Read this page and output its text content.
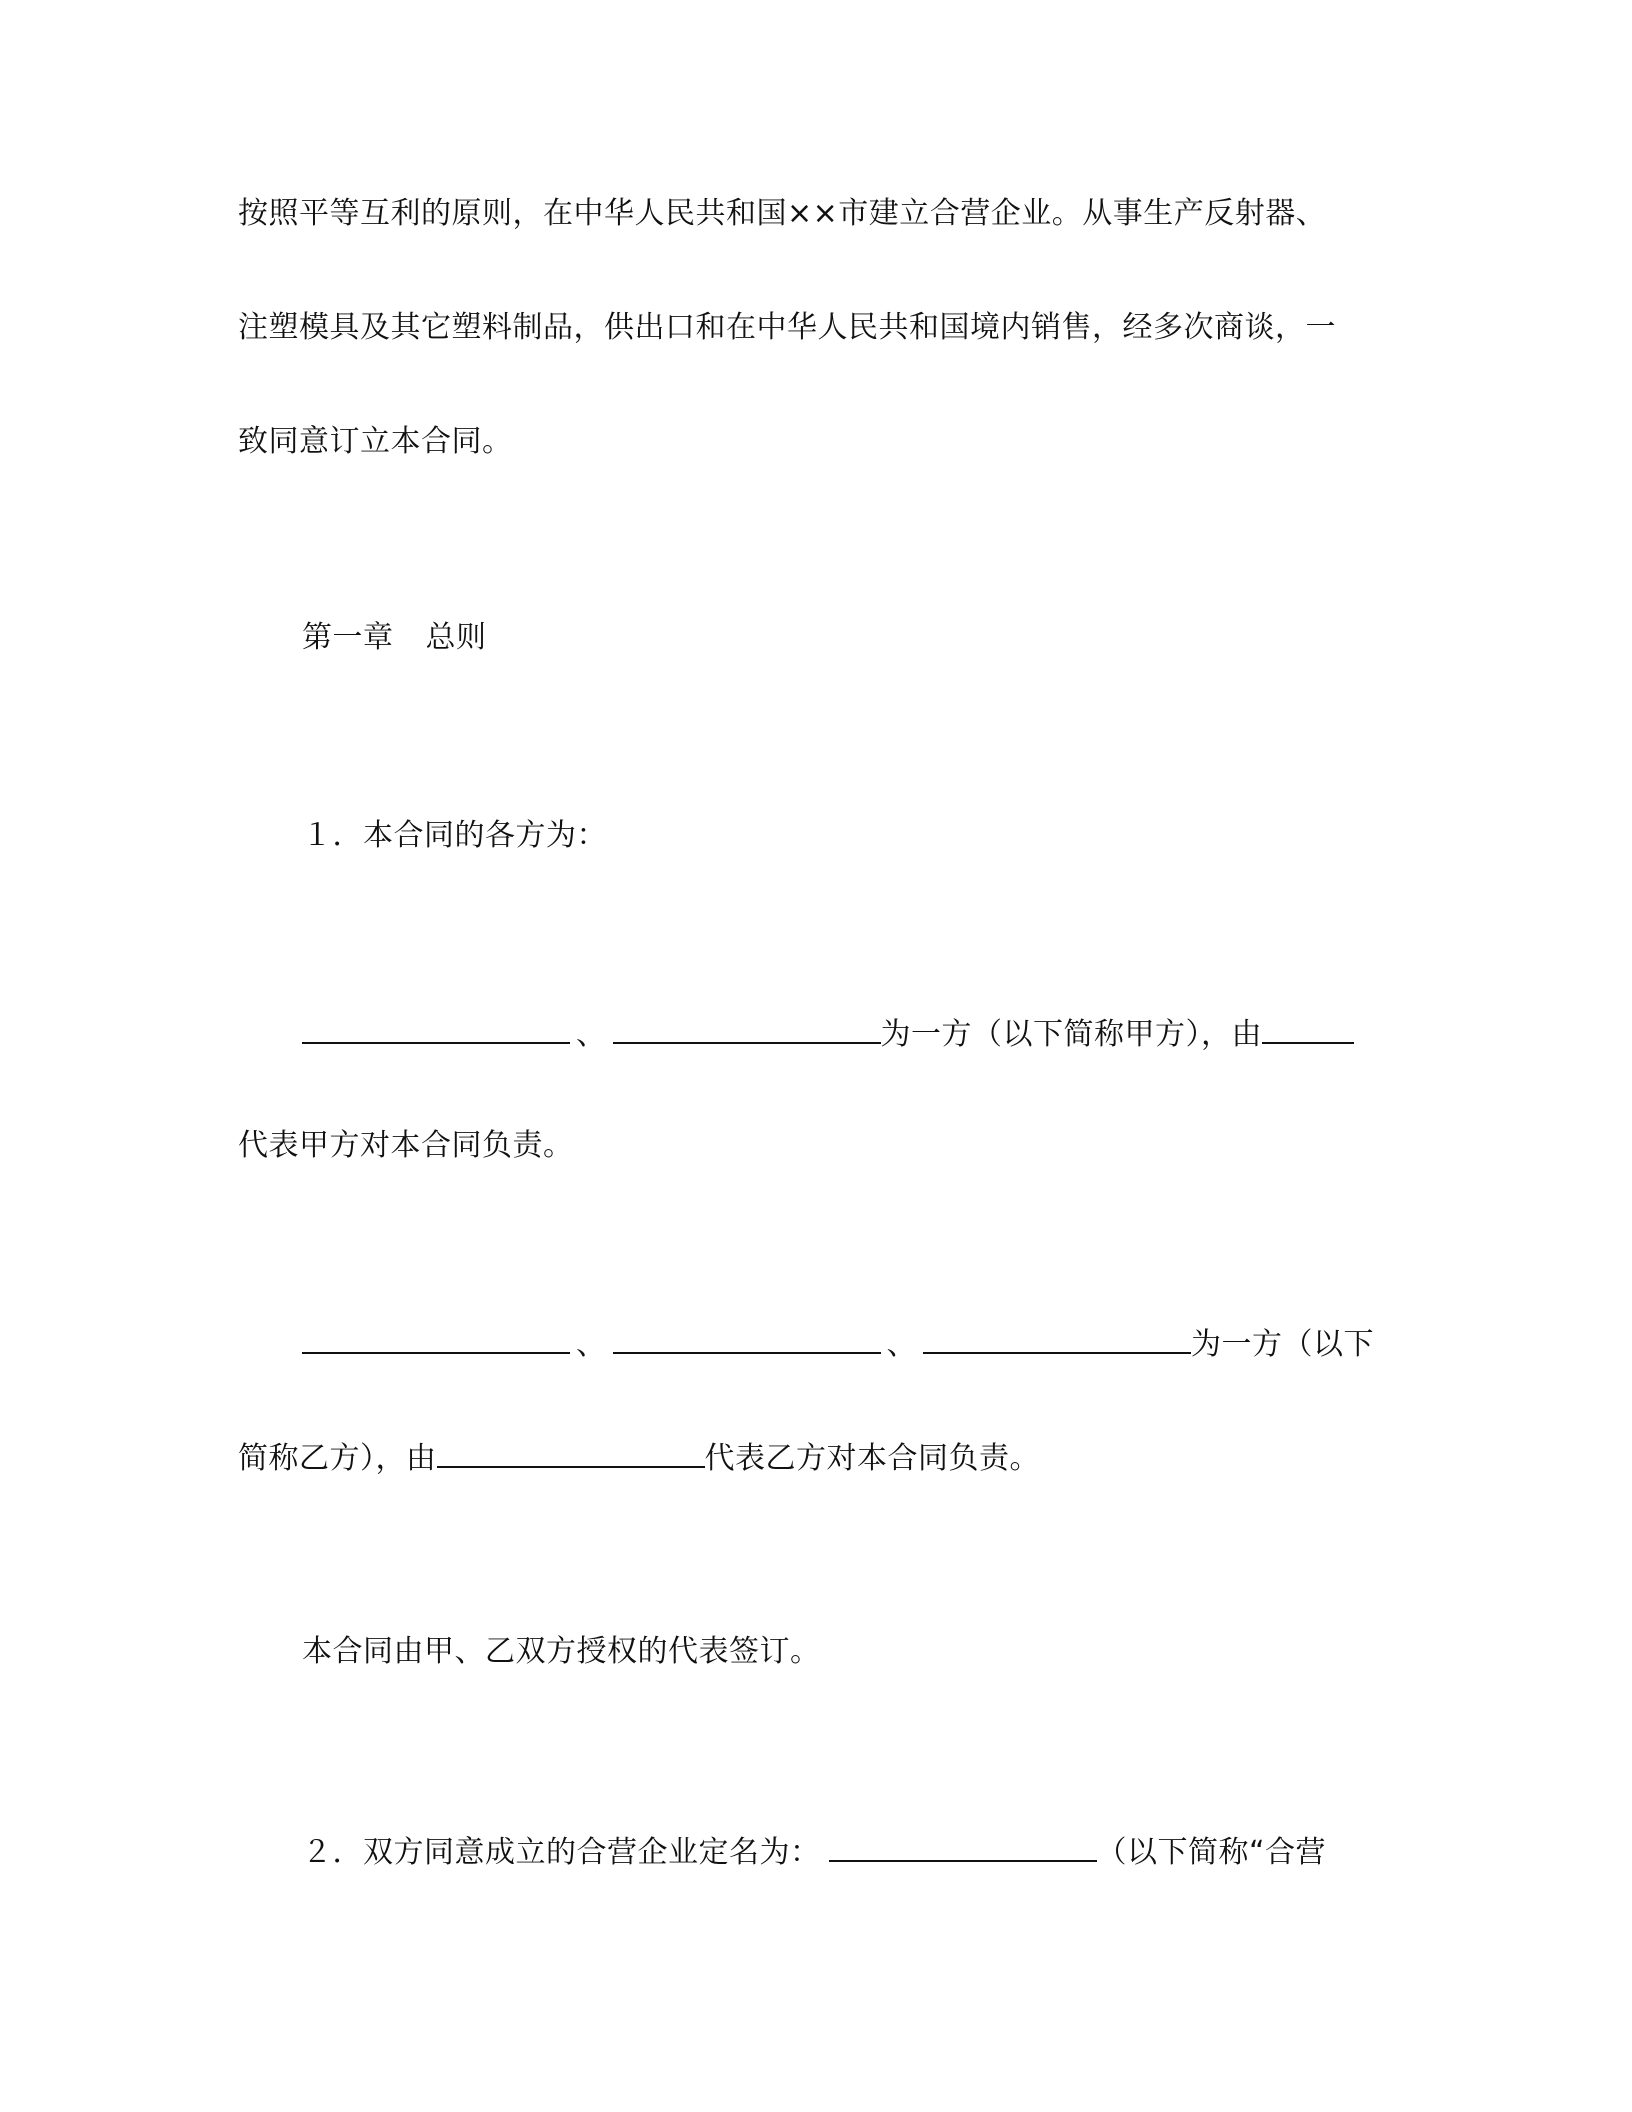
按照平等互利的原则，在中华人民共和国××市建立合营企业。从事生产反射器、
注塑模具及其它塑料制品，供出口和在中华人民共和国境内销售，经多次商谈，一
致同意订立本合同。
第一章 总则
１．本合同的各方为：
、	为一方（以下简称甲方），由
代表甲方对本合同负责。
、	、	为一方（以下
简称乙方），由	代表乙方对本合同负责。
本合同由甲、乙双方授权的代表签订。
２．双方同意成立的合营企业定名为：	（以下简称“合营
